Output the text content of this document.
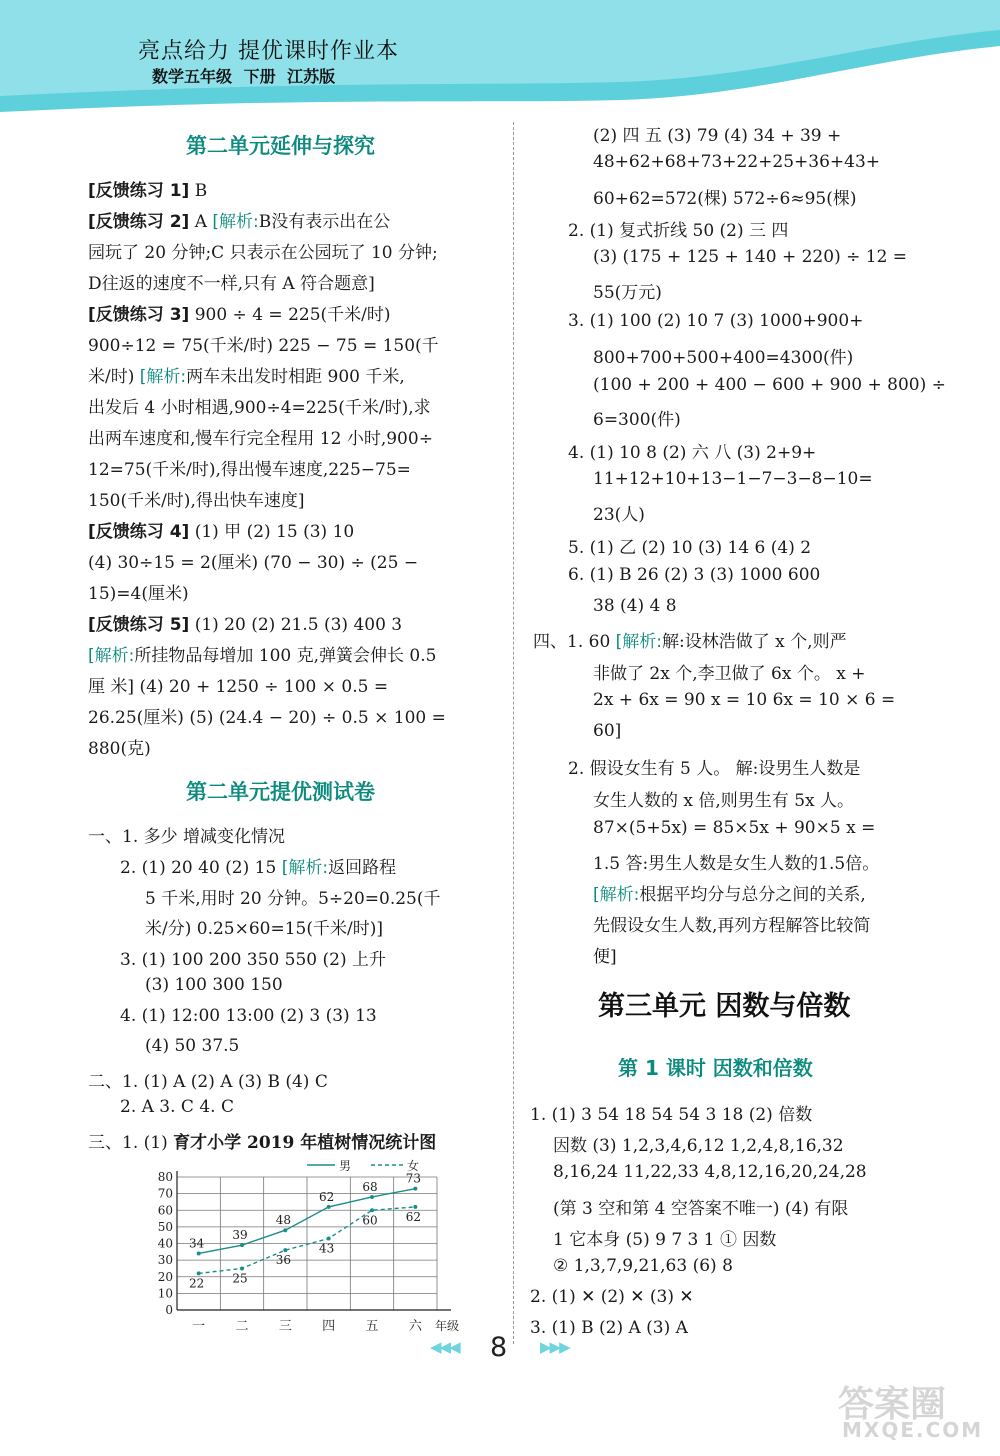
亮点给力 提优课时作业本
数学五年级 下册 江苏版
第二单元延伸与探究
[反馈练习 1] B
[反馈练习 2] A [解析:B没有表示出在公
园玩了 20 分钟;C 只表示在公园玩了 10 分钟;
D往返的速度不一样,只有 A 符合题意]
[反馈练习 3] 900 ÷ 4 = 225(千米/时)
900÷12 = 75(千米/时) 225 − 75 = 150(千
米/时) [解析:两车未出发时相距 900 千米,
出发后 4 小时相遇,900÷4=225(千米/时),求
出两车速度和,慢车行完全程用 12 小时,900÷
12=75(千米/时),得出慢车速度,225−75=
150(千米/时),得出快车速度]
[反馈练习 4] (1) 甲 (2) 15 (3) 10
(4) 30÷15 = 2(厘米) (70 − 30) ÷ (25 −
15)=4(厘米)
[反馈练习 5] (1) 20 (2) 21.5 (3) 400 3
[解析:所挂物品每增加 100 克,弹簧会伸长 0.5
厘 米] (4) 20 + 1250 ÷ 100 × 0.5 =
26.25(厘米) (5) (24.4 − 20) ÷ 0.5 × 100 =
880(克)
第二单元提优测试卷
一、1. 多少 增减变化情况
2. (1) 20 40 (2) 15 [解析:返回路程
5 千米,用时 20 分钟。5÷20=0.25(千
米/分) 0.25×60=15(千米/时)]
3. (1) 100 200 350 550 (2) 上升
(3) 100 300 150
4. (1) 12:00 13:00 (2) 3 (3) 13
(4) 50 37.5
二、1. (1) A (2) A (3) B (4) C
2. A 3. C 4. C
三、1. (1) 育才小学 2019 年植树情况统计图
0
10
20
30
40
50
60
70
80
一 二 三 四 五 六 年级
34
39
48
62
68
73
22 25
36
43
60 62
男	女
(2) 四 五 (3) 79 (4) 34 + 39 +
48+62+68+73+22+25+36+43+
60+62=572(棵) 572÷6≈95(棵)
2. (1) 复式折线 50 (2) 三 四
(3) (175 + 125 + 140 + 220) ÷ 12 =
55(万元)
3. (1) 100 (2) 10 7 (3) 1000+900+
800+700+500+400=4300(件)
(100 + 200 + 400 − 600 + 900 + 800) ÷
6=300(件)
4. (1) 10 8 (2) 六 八 (3) 2+9+
11+12+10+13−1−7−3−8−10=
23(人)
5. (1) 乙 (2) 10 (3) 14 6 (4) 2
6. (1) B 26 (2) 3 (3) 1000 600
38 (4) 4 8
四、1. 60 [解析:解:设林浩做了 x 个,则严
非做了 2x 个,李卫做了 6x 个。 x +
2x + 6x = 90 x = 10 6x = 10 × 6 =
60]
2. 假设女生有 5 人。 解:设男生人数是
女生人数的 x 倍,则男生有 5x 人。
87×(5+5x) = 85×5x + 90×5 x =
1.5 答:男生人数是女生人数的1.5倍。
[解析:根据平均分与总分之间的关系,
先假设女生人数,再列方程解答比较简
便]
第三单元 因数与倍数
第 1 课时 因数和倍数
1. (1) 3 54 18 54 54 3 18 (2) 倍数
因数 (3) 1,2,3,4,6,12 1,2,4,8,16,32
8,16,24 11,22,33 4,8,12,16,20,24,28
(第 3 空和第 4 空答案不唯一) (4) 有限
1 它本身 (5) 9 7 3 1 ① 因数
② 1,3,7,9,21,63 (6) 8
2. (1) ✕ (2) ✕ (3) ✕
3. (1) B (2) A (3) A
◀◀◀ 8 ▶▶▶
答案圈
MXQE.COM
